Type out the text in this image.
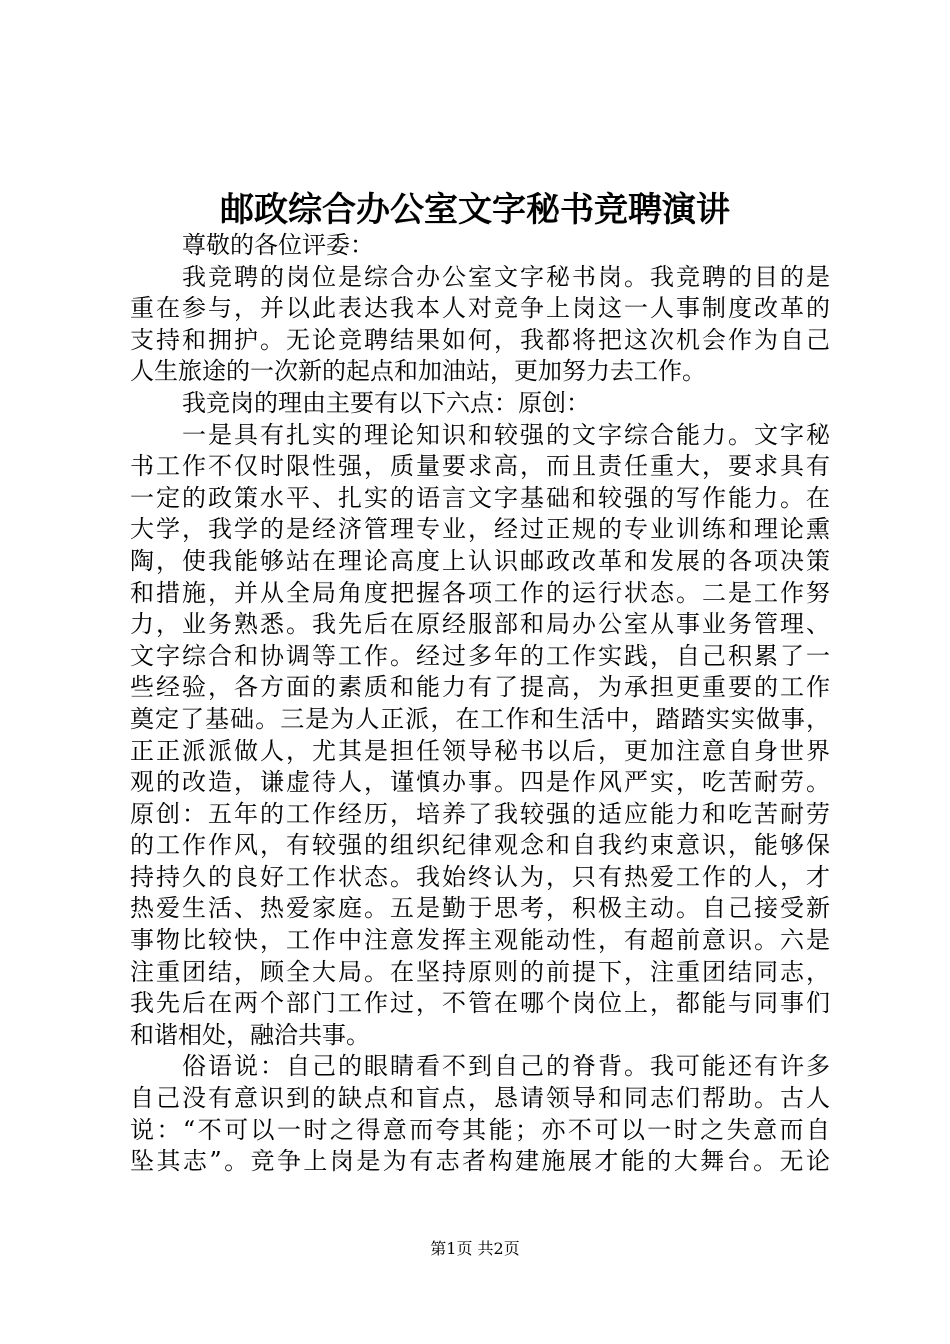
邮政综合办公室文字秘书竞聘演讲
尊敬的各位评委：
我竞聘的岗位是综合办公室文字秘书岗。我竞聘的目的是
重在参与，并以此表达我本人对竞争上岗这一人事制度改革的
支持和拥护。无论竞聘结果如何，我都将把这次机会作为自己
人生旅途的一次新的起点和加油站，更加努力去工作。
我竞岗的理由主要有以下六点：原创：
一是具有扎实的理论知识和较强的文字综合能力。文字秘
书工作不仅时限性强，质量要求高，而且责任重大，要求具有
一定的政策水平、扎实的语言文字基础和较强的写作能力。在
大学，我学的是经济管理专业，经过正规的专业训练和理论熏
陶，使我能够站在理论高度上认识邮政改革和发展的各项决策
和措施，并从全局角度把握各项工作的运行状态。二是工作努
力，业务熟悉。我先后在原经服部和局办公室从事业务管理、
文字综合和协调等工作。经过多年的工作实践，自己积累了一
些经验，各方面的素质和能力有了提高，为承担更重要的工作
奠定了基础。三是为人正派，在工作和生活中，踏踏实实做事，
正正派派做人，尤其是担任领导秘书以后，更加注意自身世界
观的改造，谦虚待人，谨慎办事。四是作风严实，吃苦耐劳。
原创：五年的工作经历，培养了我较强的适应能力和吃苦耐劳
的工作作风，有较强的组织纪律观念和自我约束意识，能够保
持持久的良好工作状态。我始终认为，只有热爱工作的人，才
热爱生活、热爱家庭。五是勤于思考，积极主动。自己接受新
事物比较快，工作中注意发挥主观能动性，有超前意识。六是
注重团结，顾全大局。在坚持原则的前提下，注重团结同志，
我先后在两个部门工作过，不管在哪个岗位上，都能与同事们
和谐相处，融洽共事。
俗语说：自己的眼睛看不到自己的脊背。我可能还有许多
自己没有意识到的缺点和盲点，恳请领导和同志们帮助。古人
说：“不可以一时之得意而夸其能；亦不可以一时之失意而自
坠其志”。竞争上岗是为有志者构建施展才能的大舞台。无论
第1页 共2页
